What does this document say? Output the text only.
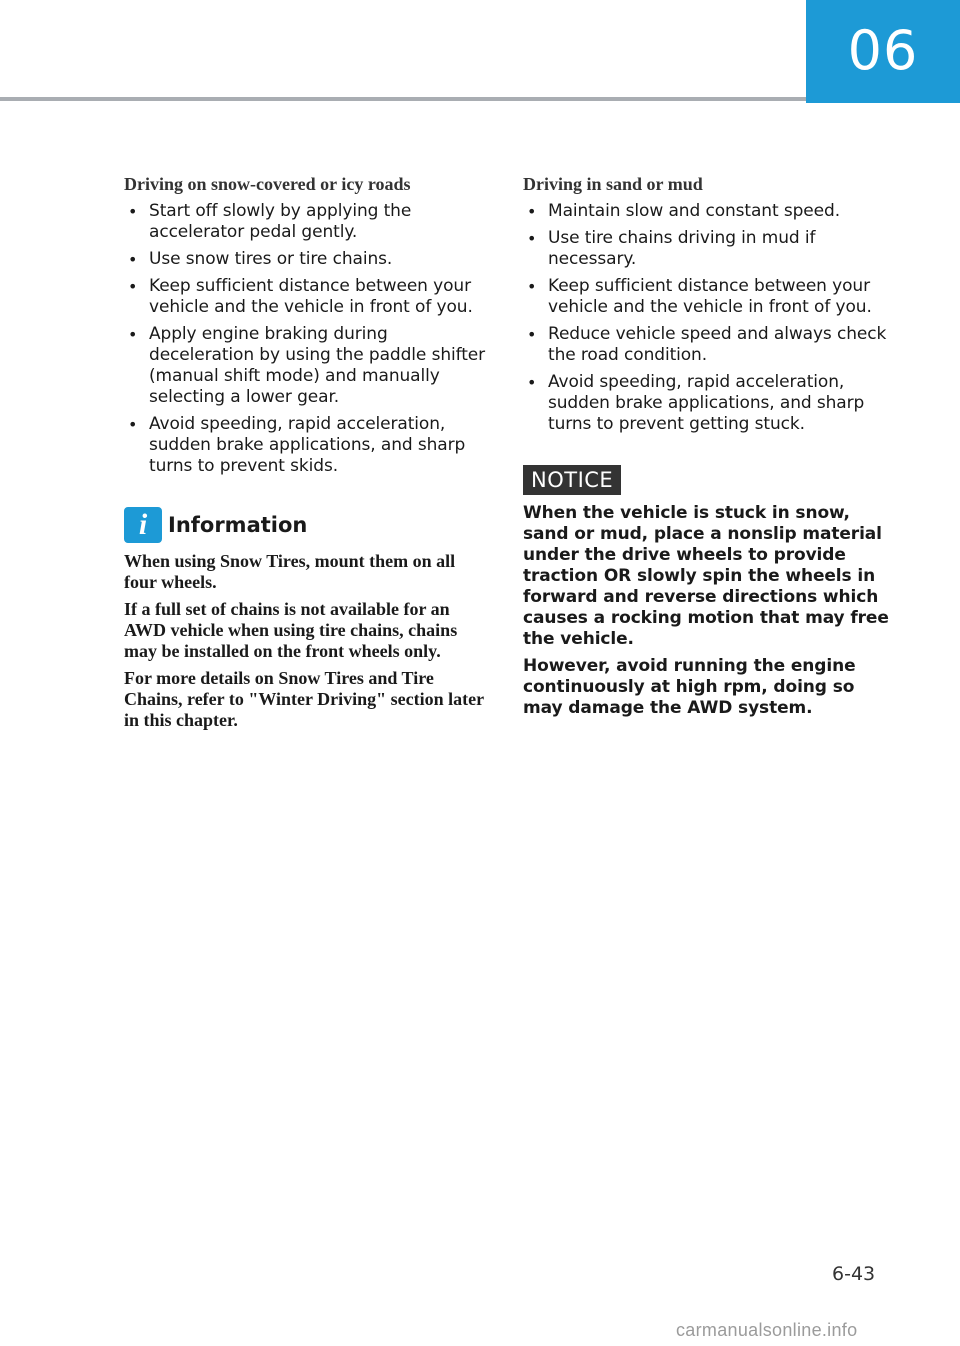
06
Driving on snow-covered or icy roads
• Start off slowly by applying the accelerator pedal gently.
• Use snow tires or tire chains.
• Keep sufficient distance between your vehicle and the vehicle in front of you.
• Apply engine braking during deceleration by using the paddle shifter (manual shift mode) and manually selecting a lower gear.
• Avoid speeding, rapid acceleration, sudden brake applications, and sharp turns to prevent skids.
i Information

When using Snow Tires, mount them on all four wheels.

If a full set of chains is not available for an AWD vehicle when using tire chains, chains may be installed on the front wheels only.

For more details on Snow Tires and Tire Chains, refer to "Winter Driving" section later in this chapter.

Driving in sand or mud
• Maintain slow and constant speed.
• Use tire chains driving in mud if necessary.
• Keep sufficient distance between your vehicle and the vehicle in front of you.
• Reduce vehicle speed and always check the road condition.
• Avoid speeding, rapid acceleration, sudden brake applications, and sharp turns to prevent getting stuck.
NOTICE

When the vehicle is stuck in snow, sand or mud, place a nonslip material under the drive wheels to provide traction OR slowly spin the wheels in forward and reverse directions which causes a rocking motion that may free the vehicle.

However, avoid running the engine continuously at high rpm, doing so may damage the AWD system.

6-43
carmanualsonline.info
